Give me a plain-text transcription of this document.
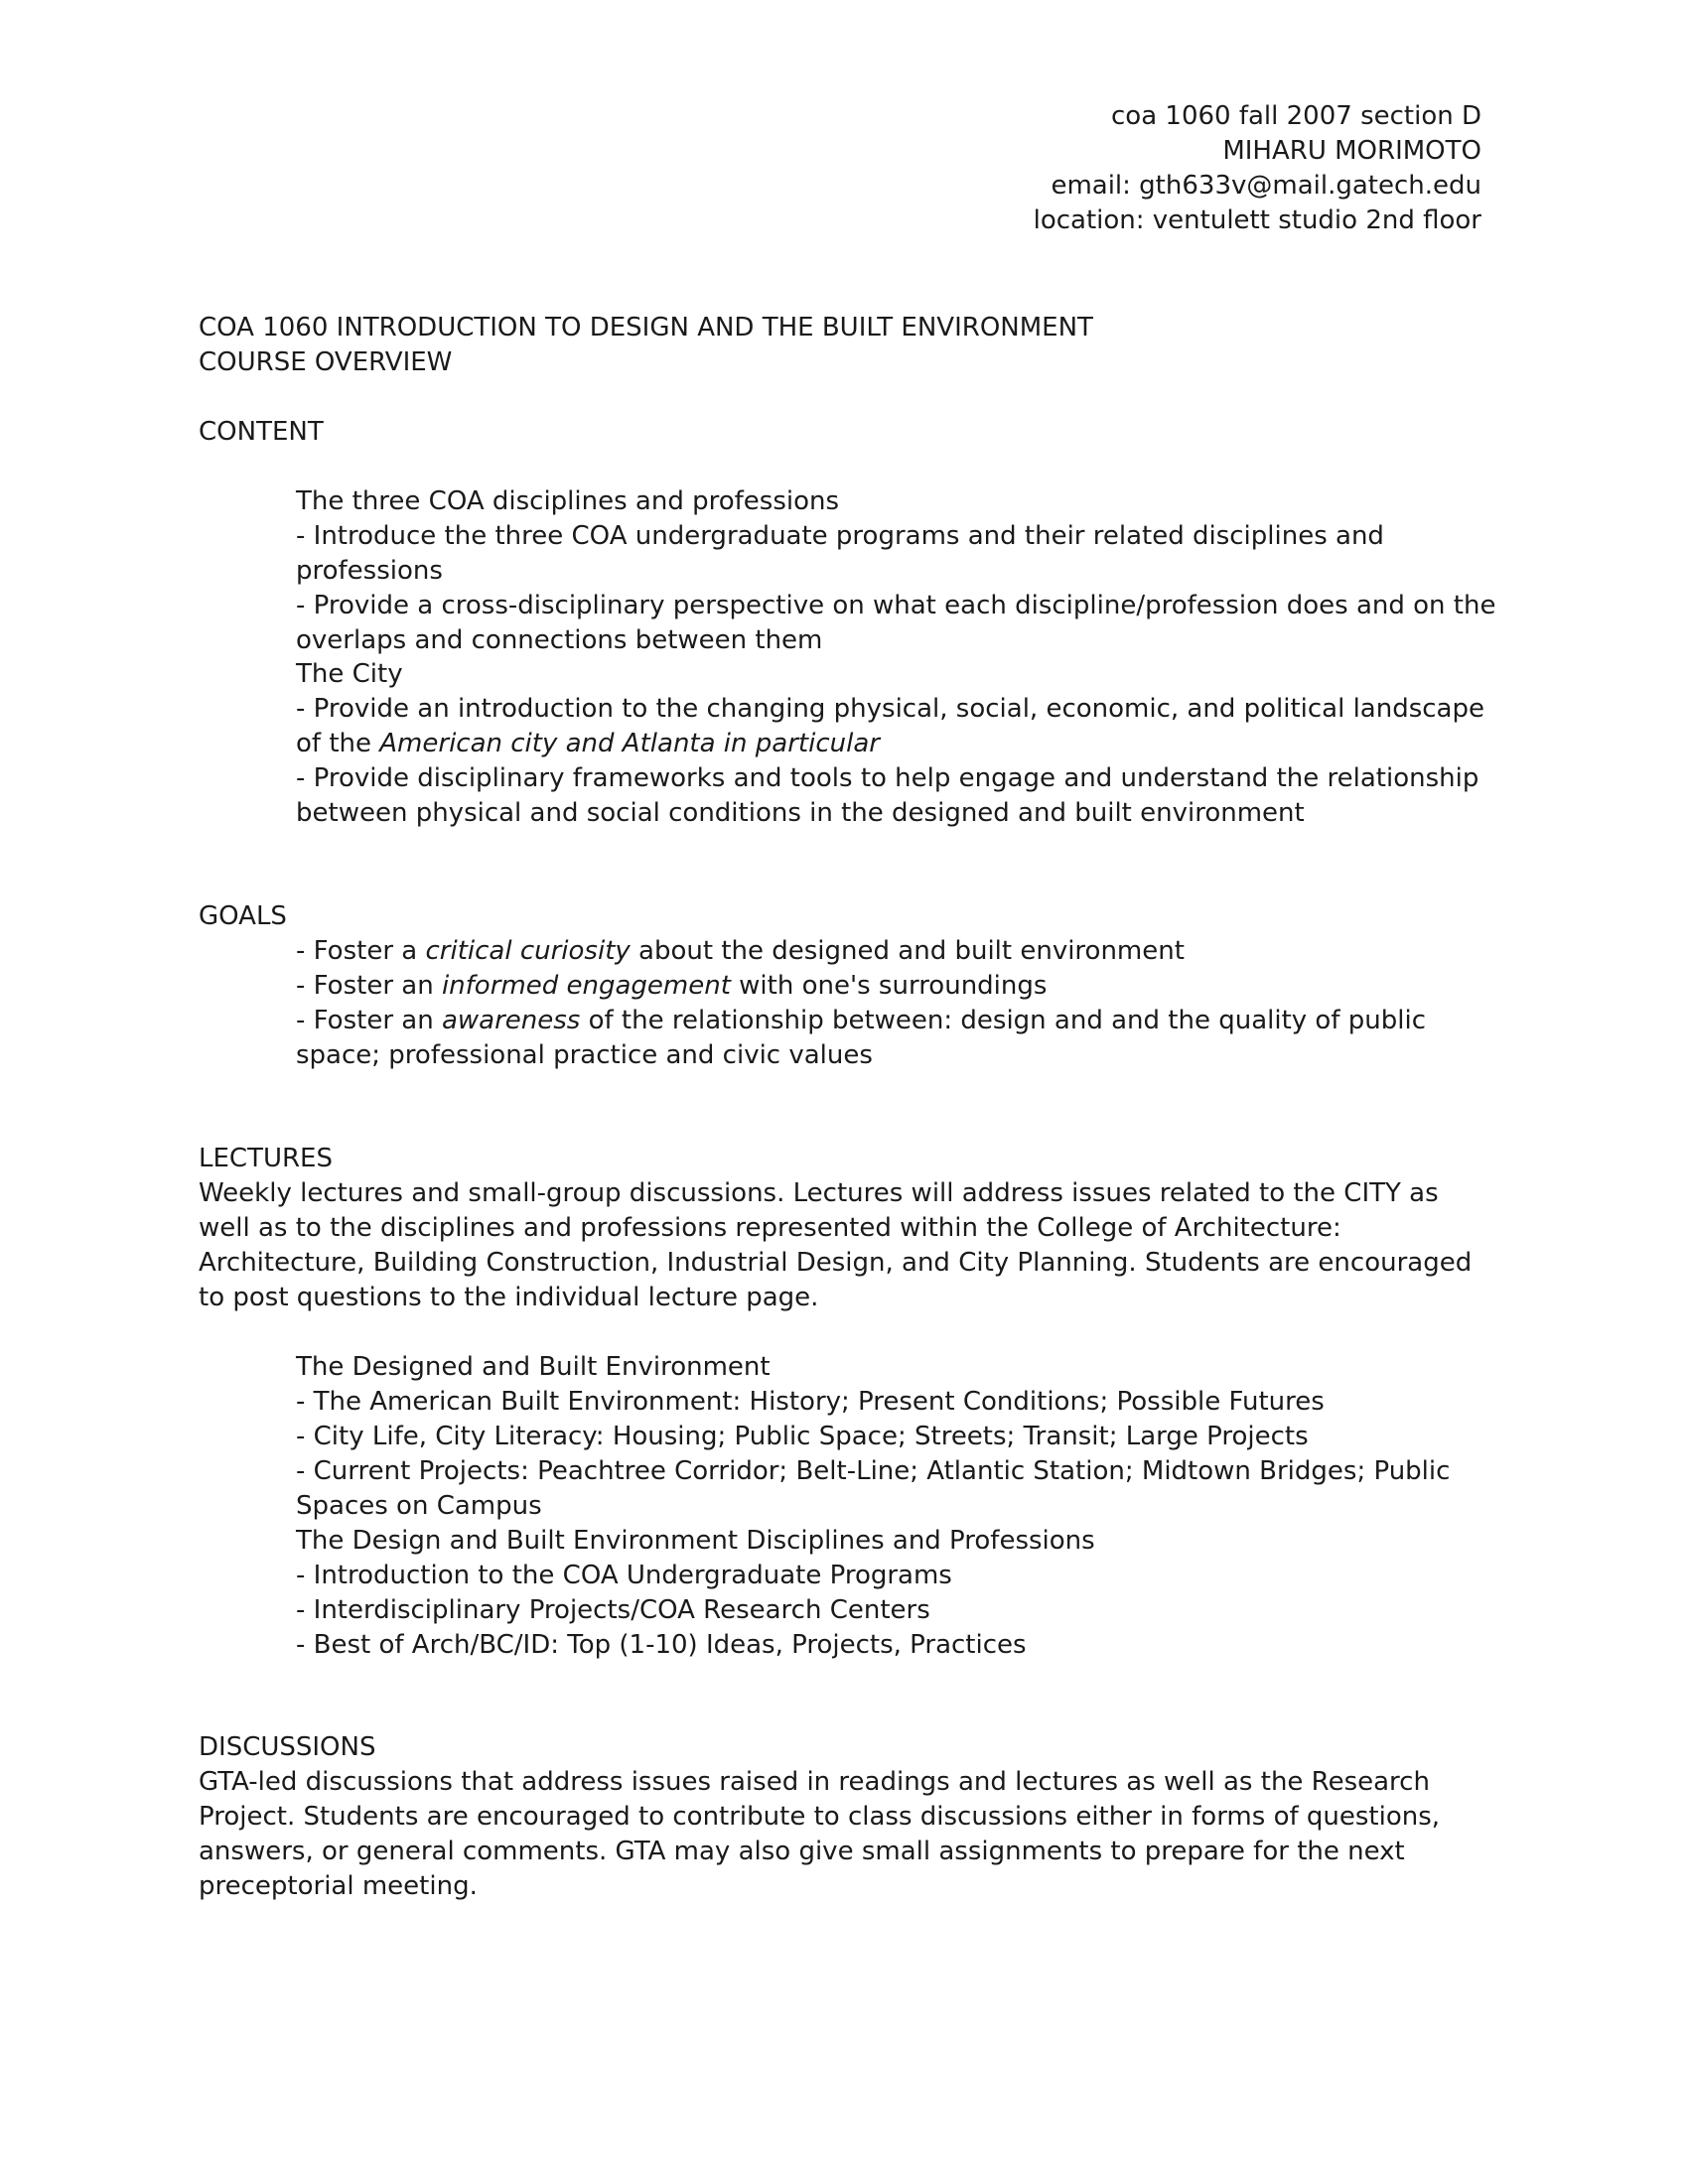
coa 1060 fall 2007 section D
MIHARU MORIMOTO
email: gth633v@mail.gatech.edu
location: ventulett studio 2nd floor
COA 1060 INTRODUCTION TO DESIGN AND THE BUILT ENVIRONMENT
COURSE OVERVIEW
CONTENT
The three COA disciplines and professions
- Introduce the three COA undergraduate programs and their related disciplines and professions
- Provide a cross-disciplinary perspective on what each discipline/profession does and on the overlaps and connections between them
The City
- Provide an introduction to the changing physical, social, economic, and political landscape of the American city and Atlanta in particular
- Provide disciplinary frameworks and tools to help engage and understand the relationship between physical and social conditions in the designed and built environment
GOALS
- Foster a critical curiosity about the designed and built environment
- Foster an informed engagement with one's surroundings
- Foster an awareness of the relationship between: design and and the quality of public space; professional practice and civic values
LECTURES
Weekly lectures and small-group discussions. Lectures will address issues related to the CITY as well as to the disciplines and professions represented within the College of Architecture: Architecture, Building Construction, Industrial Design, and City Planning. Students are encouraged to post questions to the individual lecture page.
The Designed and Built Environment
- The American Built Environment: History; Present Conditions; Possible Futures
- City Life, City Literacy: Housing; Public Space; Streets; Transit; Large Projects
- Current Projects: Peachtree Corridor; Belt-Line; Atlantic Station; Midtown Bridges; Public Spaces on Campus
The Design and Built Environment Disciplines and Professions
- Introduction to the COA Undergraduate Programs
- Interdisciplinary Projects/COA Research Centers
- Best of Arch/BC/ID: Top (1-10) Ideas, Projects, Practices
DISCUSSIONS
GTA-led discussions that address issues raised in readings and lectures as well as the Research Project. Students are encouraged to contribute to class discussions either in forms of questions, answers, or general comments. GTA may also give small assignments to prepare for the next preceptorial meeting.
